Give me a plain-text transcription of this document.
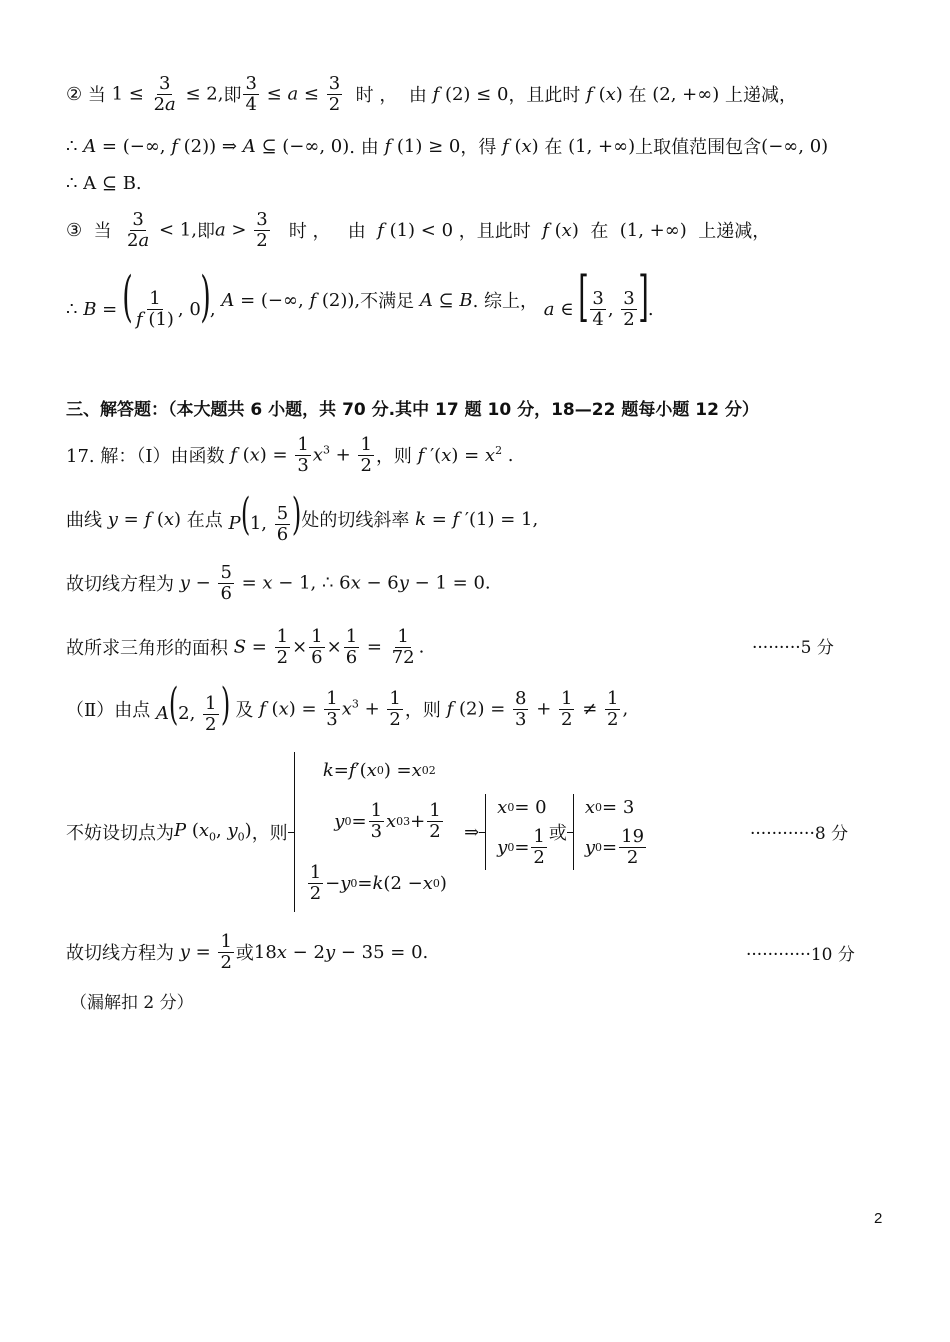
②
当
$1 \le \frac{3}{2a} \le 2$, 即 $\frac{3}{4} \le a \le \frac{3}{2}$
时 ，
由
f (2) ≤ 0 ，且此时
f (x)
在
(2, +∞)
上递减，
∴ A = (−∞, f (2)) ⇒ A ⊆ (−∞, 0) . 由
f (1) ≥ 0 ，得
f (x)
在
(1, +∞) 上取值范围包含 (−∞, 0)
∴ A ⊆ B.
③
当
$\frac{3}{2a} < 1$, 即 $a > \frac{3}{2}$
时 ，
由
f (1) < 0
，且此时
f (x)
在
(1, +∞)
上递减，
∴ B = ( $\frac{1}{f (1)}$ , 0),
A = (−∞, f (2)), 不满足
A ⊆ B . 综上，
a ∈ [ $\frac{3}{4}$ , $\frac{3}{2}$ ].
三、解答题：（本大题共 6 小题，共 70 分.其中 17 题 10 分，18—22 题每小题 12 分）
17. 解：（Ⅰ）由函数
f $(x) = \frac{1}{3} x^3 + \frac{1}{2}$ ，则
f $'(x) = x^2$ .
曲线
y = f (x)
在点
P(1, $\frac{5}{6}$ ) 处的切线斜率
k = f ′(1) = 1,
故切线方程为
$y - \frac{5}{6} = x - 1$, ∴ 6x − 6y − 1 = 0.
故所求三角形的面积
$S = \frac{1}{2} \times \frac{1}{6} \times \frac{1}{6} = \frac{1}{72}$ .	·········5 分
（Ⅱ）由点
A(2, $\frac{1}{2}$ )
及
f $(x) = \frac{1}{3} x^3 + \frac{1}{2}$ ，则
f $(2) = \frac{8}{3} + \frac{1}{2} \ne \frac{1}{2}$ ,
不妨设切点为 P ($x_0$, $y_0$) ，则

k = f ′( x 0 ) = x 0 2

y $0 = \frac{1}{3}$ x 0 $3 + \frac{1}{2}$
$\frac{1}{2} - y$ 0 = k (2 − x 0 )

⇒
x 0 = 0
y $0 = \frac{1}{2}$ 或
x 0 = 3
y $0 = \frac{19}{2}$	············8 分
故切线方程为
$y = \frac{1}{2}$ 或 18x − 2y − 35 = 0.	············10 分
（漏解扣 2 分）
2
